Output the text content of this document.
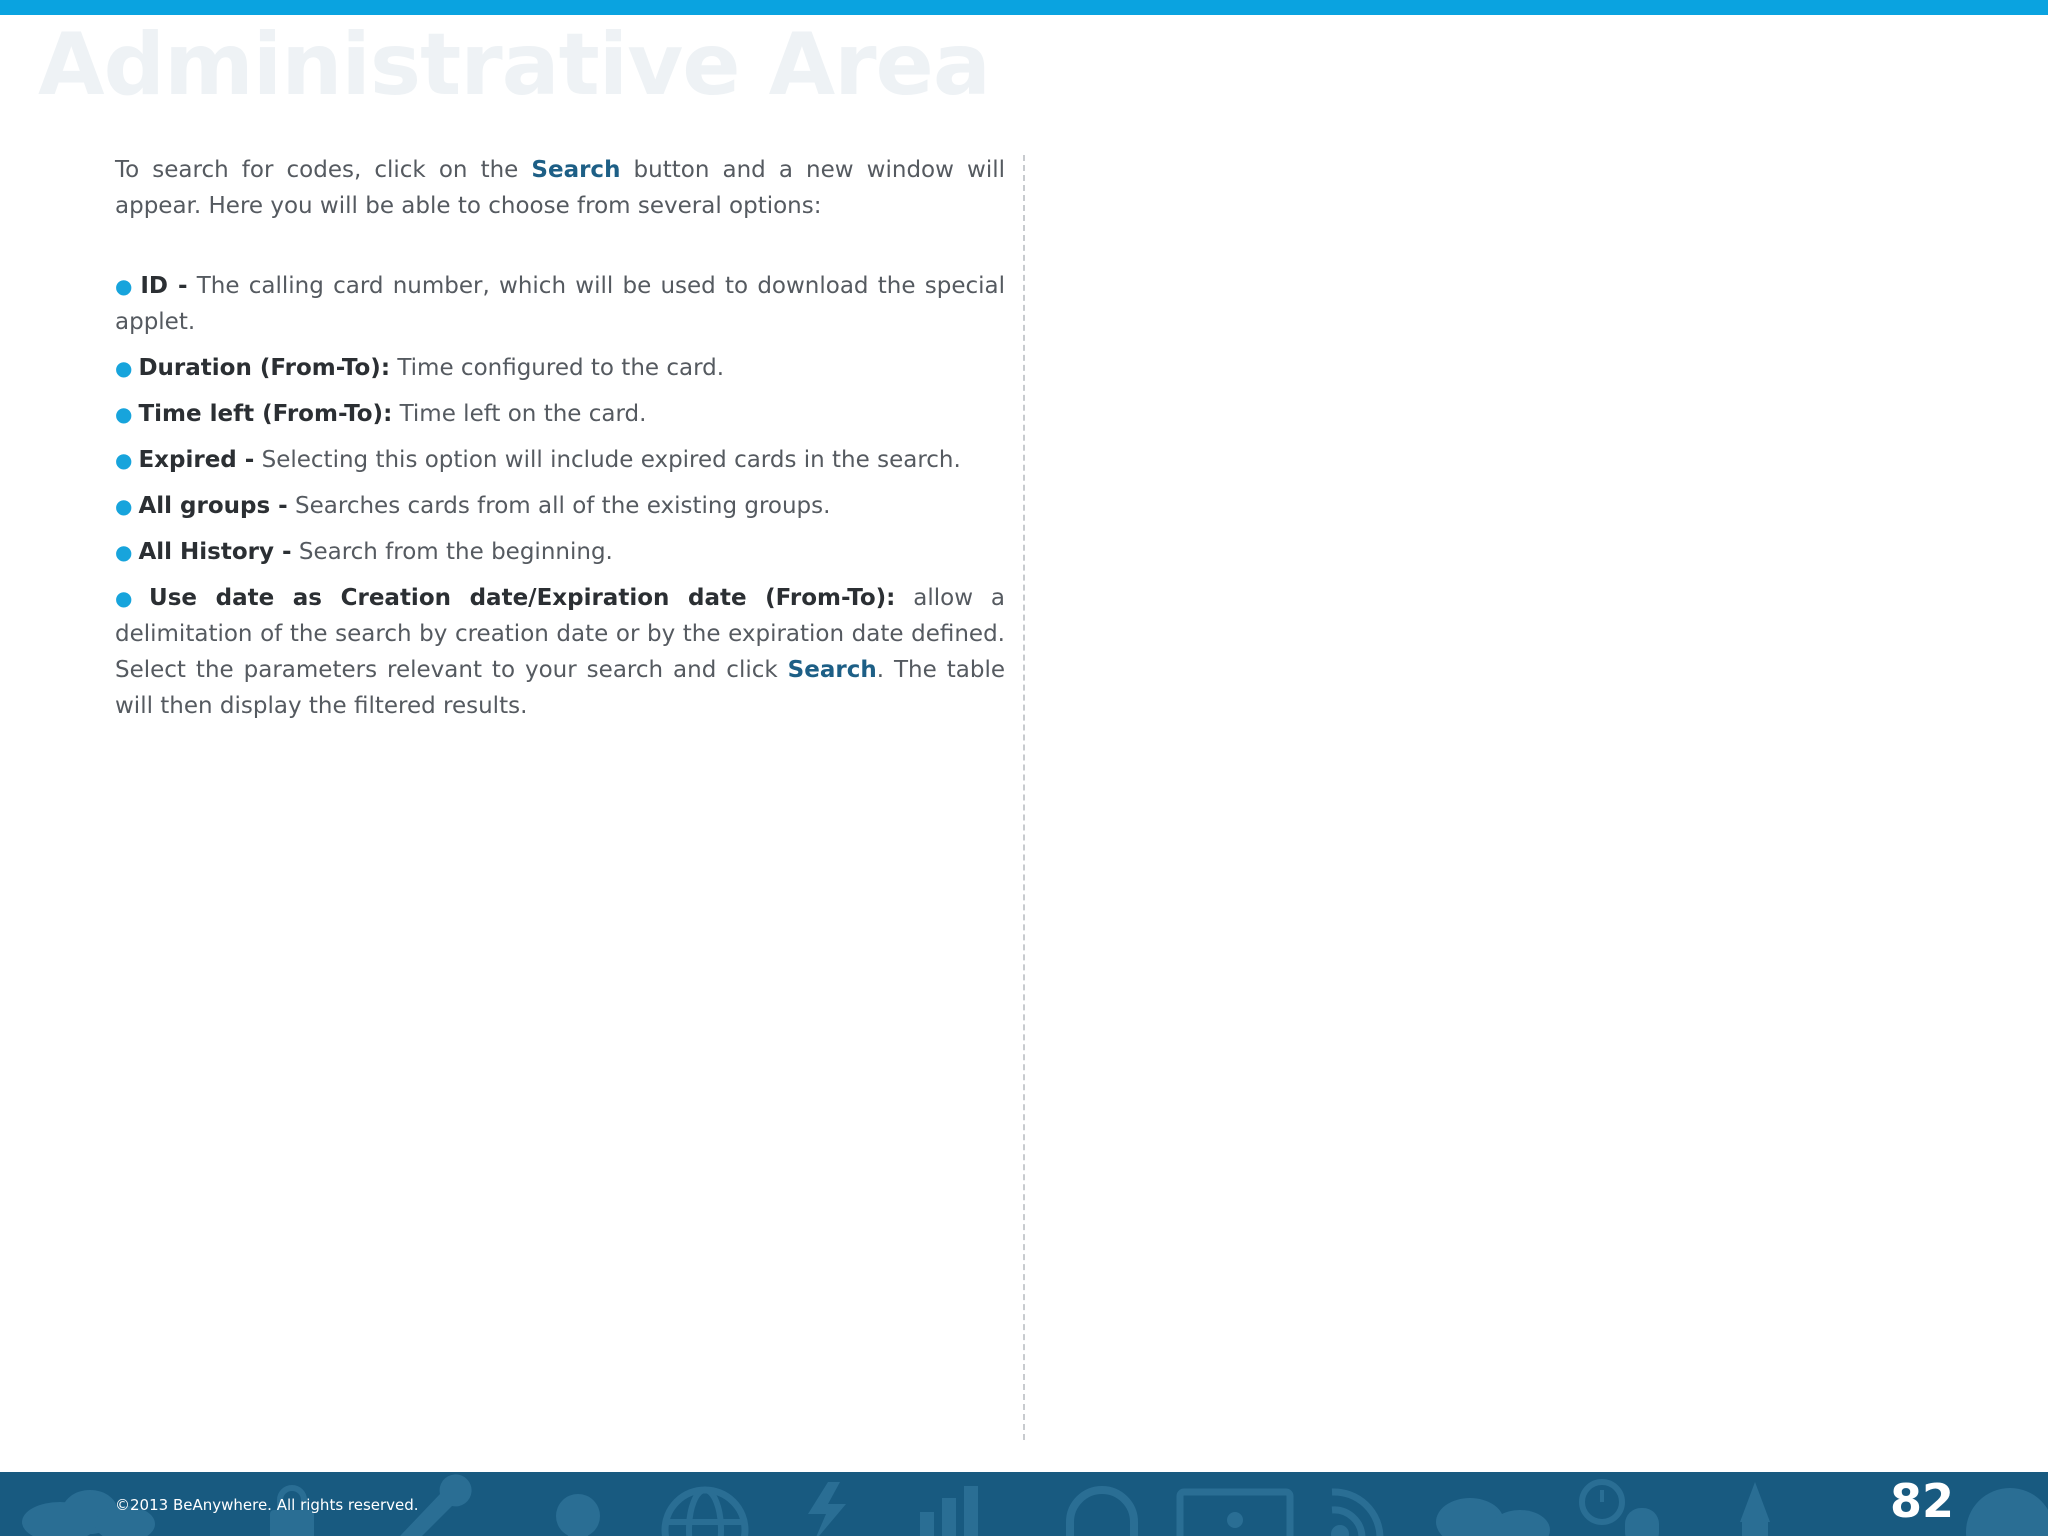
Administrative Area

To search for codes, click on the Search button and a new window will appear. Here you will be able to choose from several options:

● ID - The calling card number, which will be used to download the special applet.
● Duration (From-To): Time configured to the card.
● Time left (From-To): Time left on the card.
● Expired - Selecting this option will include expired cards in the search.
● All groups - Searches cards from all of the existing groups.
● All History - Search from the beginning.
● Use date as Creation date/Expiration date (From-To): allow a delimitation of the search by creation date or by the expiration date defined. Select the parameters relevant to your search and click Search. The table will then display the filtered results.
©2013 BeAnywhere. All rights reserved.	82
